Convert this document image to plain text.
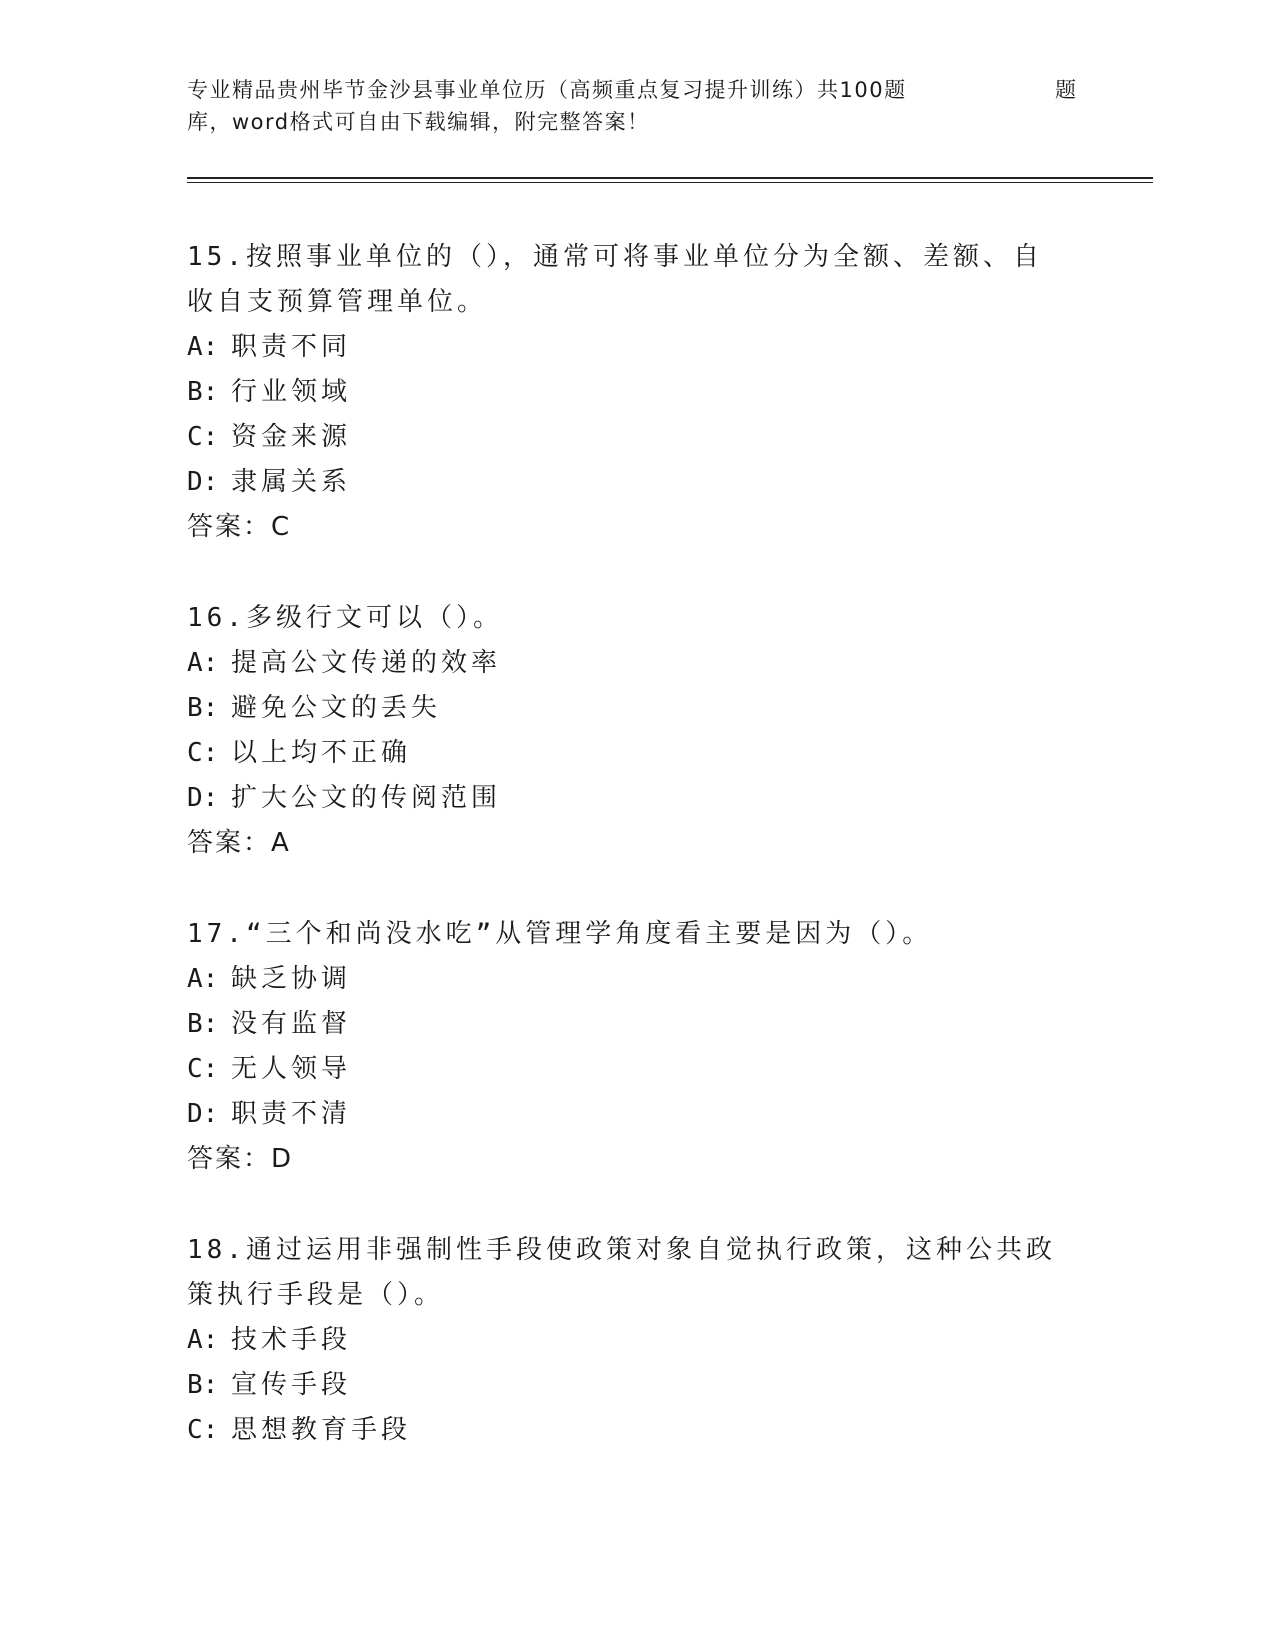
专业精品贵州毕节金沙县事业单位历（高频重点复习提升训练）共100题	题
库，word格式可自由下载编辑，附完整答案！
15.按照事业单位的（），通常可将事业单位分为全额、差额、自收自支预算管理单位。
A: 职责不同
B: 行业领域
C: 资金来源
D: 隶属关系
答案：C
16.多级行文可以（）。
A: 提高公文传递的效率
B: 避免公文的丢失
C: 以上均不正确
D: 扩大公文的传阅范围
答案：A
17.“三个和尚没水吃”从管理学角度看主要是因为（）。
A: 缺乏协调
B: 没有监督
C: 无人领导
D: 职责不清
答案：D
18.通过运用非强制性手段使政策对象自觉执行政策，这种公共政策执行手段是（）。
A: 技术手段
B: 宣传手段
C: 思想教育手段
